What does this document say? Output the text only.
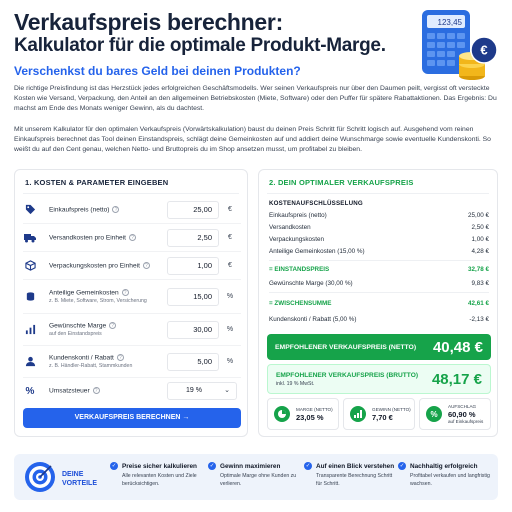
Verkaufspreis berechner:
Kalkulator für die optimale Produkt-Marge.
Verschenkst du bares Geld bei deinen Produkten?
123,45
€
Die richtige Preisfindung ist das Herzstück jedes erfolgreichen Geschäftsmodells. Wer seinen Verkaufspreis nur über den Daumen peilt, vergisst oft versteckte Kosten wie Versand, Verpackung, den Anteil an den allgemeinen Betriebskosten (Miete, Software) oder den Puffer für spätere Rabattaktionen. Das Ergebnis: Du machst am Ende des Monats weniger Gewinn, als du dachtest.
Mit unserem Kalkulator für den optimalen Verkaufspreis (Vorwärtskalkulation) baust du deinen Preis Schritt für Schritt logisch auf. Ausgehend vom reinen Einkaufspreis berechnet das Tool deinen Einstandspreis, schlägt deine Gemeinkosten auf und addiert deine Wunschmarge sowie eventuelle Kundenskonti. So weißt du auf den Cent genau, welchen Netto- und Bruttopreis du im Shop ansetzen musst, um profitabel zu bleiben.
1. KOSTEN & PARAMETER EINGEBEN
Einkaufspreis (netto) ?	25,00	€
Versandkosten pro Einheit ?	2,50	€
Verpackungskosten pro Einheit ?	1,00	€
Anteilige Gemeinkosten ?
z. B. Miete, Software, Strom, Versicherung
15,00	%
Gewünschte Marge ?
auf den Einstandspreis
30,00	%
Kundenskonti / Rabatt ?
z. B. Händler-Rabatt, Stammkunden
5,00	%
%	Umsatzsteuer ?	19 %	⌄
VERKAUFSPREIS BERECHNEN →
2. DEIN OPTIMALER VERKAUFSPREIS
KOSTENAUFSCHLÜSSELUNG
Einkaufspreis (netto)	25,00 €
Versandkosten	2,50 €
Verpackungskosten	1,00 €
Anteilige Gemeinkosten (15,00 %)	4,28 €
= EINSTANDSPREIS	32,78 €
Gewünschte Marge (30,00 %)	9,83 €
= ZWISCHENSUMME	42,61 €
Kundenskonti / Rabatt (5,00 %)	-2,13 €
EMPFOHLENER VERKAUFSPREIS (NETTO) 40,48 €
EMPFOHLENER VERKAUFSPREIS (BRUTTO)
inkl. 19 % MwSt.	48,17 €
MARGE (NETTO)
23,05 %
GEWINN (NETTO)
7,70 €	%
AUFSCHLAG
60,90 %
auf Einkaufspreis
DEINE
VORTEILE
✓ Preise sicher kalkulieren
Alle relevanten Kosten und Ziele berücksichtigen.
✓ Gewinn maximieren
Optimale Marge ohne Kunden zu verlieren.
✓ Auf einen Blick verstehen
Transparente Berechnung Schritt für Schritt.
✓ Nachhaltig erfolgreich
Profitabel verkaufen und langfristig wachsen.
